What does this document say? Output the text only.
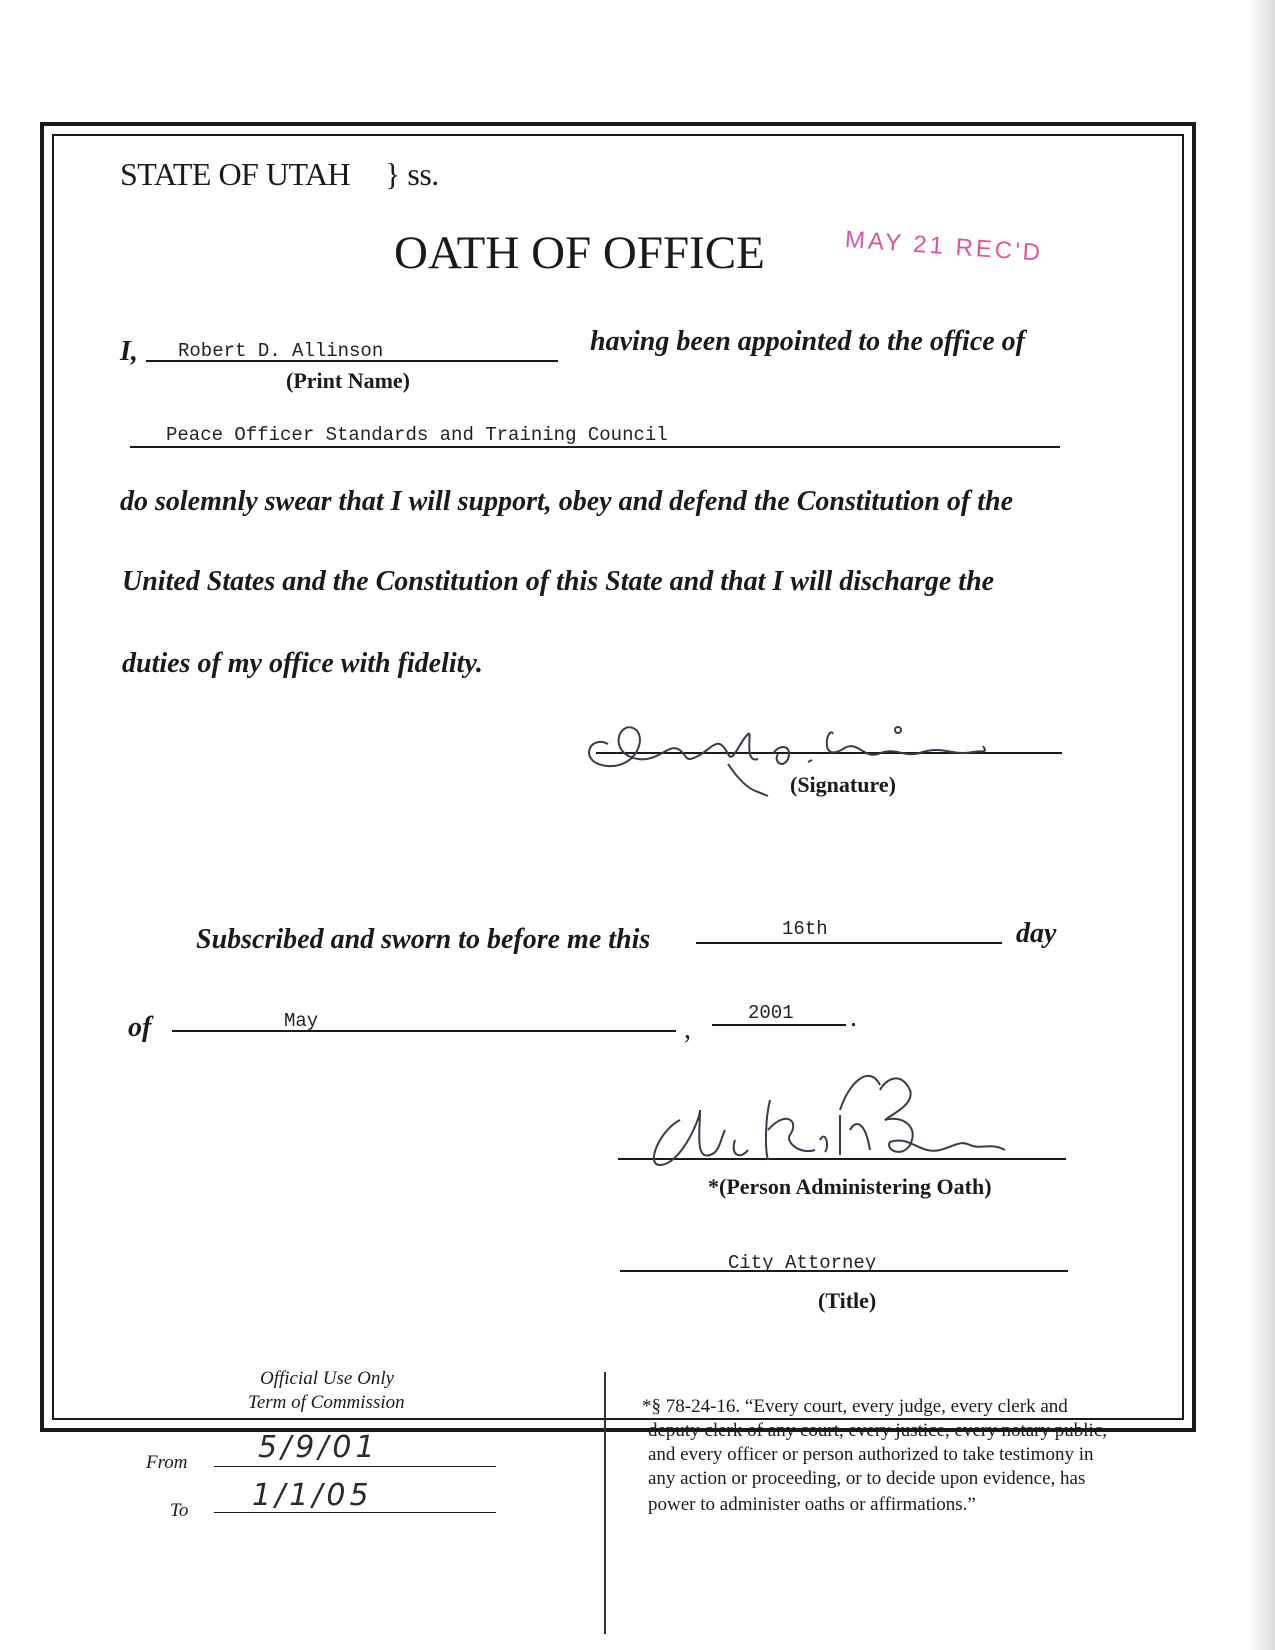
STATE OF UTAH } ss.
OATH OF OFFICE	MAY 21 REC'D
I, Robert D. Allinson
(Print Name)
having been appointed to the office of
Peace Officer Standards and Training Council
do solemnly swear that I will support, obey and defend the Constitution of the
United States and the Constitution of this State and that I will discharge the
duties of my office with fidelity.
(Signature)
Subscribed and sworn to before me this	16th	day
of	May	,
2001 .
*(Person Administering Oath)
City Attorney
(Title)
Official Use Only
Term of Commission
From 5/9/01
To 1/1/05
*§ 78-24-16. “Every court, every judge, every clerk and
deputy clerk of any court, every justice, every notary public,
and every officer or person authorized to take testimony in
any action or proceeding, or to decide upon evidence, has
power to administer oaths or affirmations.”
